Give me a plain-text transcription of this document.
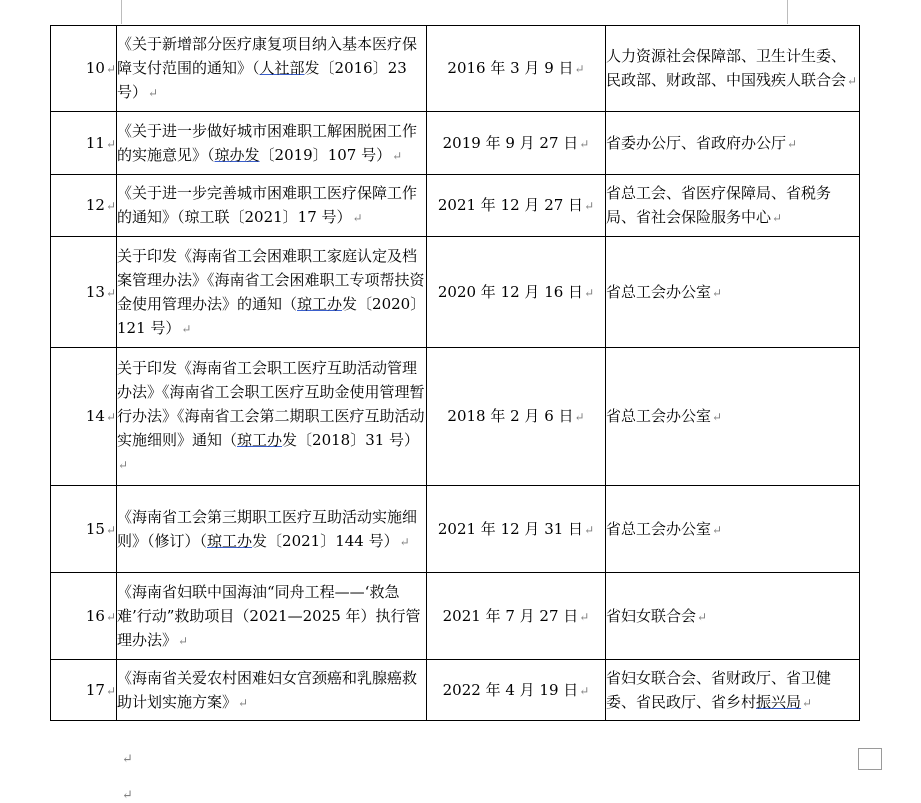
10↵	《关于新增部分医疗康复项目纳入基本医疗保障支付范围的通知》（人社部发〔2016〕23 号）↵	2016 年 3 月 9 日↵	人力资源社会保障部、卫生计生委、民政部、财政部、中国残疾人联合会↵
11↵	《关于进一步做好城市困难职工解困脱困工作的实施意见》（琼办发〔2019〕107 号）↵	2019 年 9 月 27 日↵	省委办公厅、省政府办公厅↵
12↵	《关于进一步完善城市困难职工医疗保障工作的通知》（琼工联〔2021〕17 号）↵	2021 年 12 月 27 日↵	省总工会、省医疗保障局、省税务局、省社会保险服务中心↵
13↵	关于印发《海南省工会困难职工家庭认定及档案管理办法》《海南省工会困难职工专项帮扶资金使用管理办法》的通知（琼工办发〔2020〕121 号）↵	2020 年 12 月 16 日↵	省总工会办公室↵
14↵	关于印发《海南省工会职工医疗互助活动管理办法》《海南省工会职工医疗互助金使用管理暂行办法》《海南省工会第二期职工医疗互助活动实施细则》通知（琼工办发〔2018〕31 号）↵	2018 年 2 月 6 日↵	省总工会办公室↵
15↵	《海南省工会第三期职工医疗互助活动实施细则》（修订）（琼工办发〔2021〕144 号）↵	2021 年 12 月 31 日↵	省总工会办公室↵
16↵	《海南省妇联中国海油“同舟工程——‘救急难’行动”救助项目（2021—2025 年）执行管理办法》↵	2021 年 7 月 27 日↵	省妇女联合会↵
17↵	《海南省关爱农村困难妇女宫颈癌和乳腺癌救助计划实施方案》↵	2022 年 4 月 19 日↵	省妇女联合会、省财政厅、省卫健委、省民政厅、省乡村振兴局↵
↵
↵
